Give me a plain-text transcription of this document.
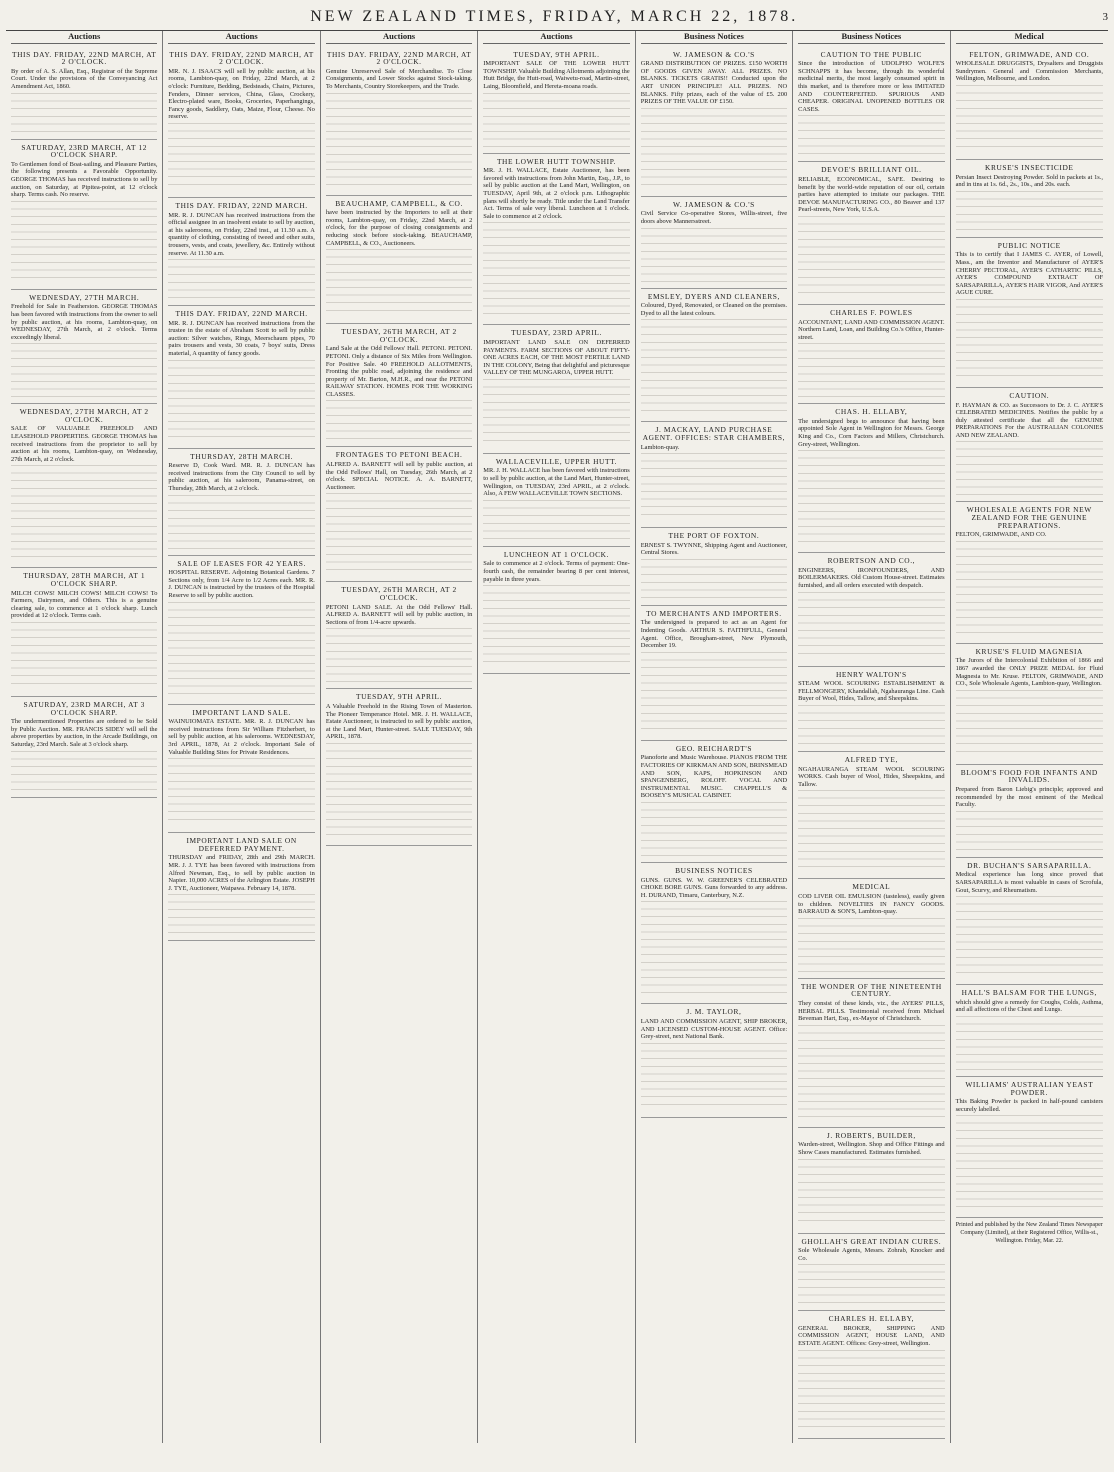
NEW ZEALAND TIMES, FRIDAY, MARCH 22, 1878.	3
Auctions
THIS DAY. FRIDAY, 22ND MARCH, AT 2 O'CLOCK.

By order of A. S. Allan, Esq., Registrar of the Supreme Court. Under the provisions of the Conveyancing Act Amendment Act, 1860.

SATURDAY, 23RD MARCH, AT 12 O'CLOCK SHARP.

To Gentlemen fond of Boat-sailing, and Pleasure Parties, the following presents a Favorable Opportunity. GEORGE THOMAS has received instructions to sell by auction, on Saturday, at Pipitea-point, at 12 o'clock sharp. Terms cash. No reserve.

WEDNESDAY, 27TH MARCH.

Freehold for Sale in Featherston. GEORGE THOMAS has been favored with instructions from the owner to sell by public auction, at his rooms, Lambton-quay, on WEDNESDAY, 27th March, at 2 o'clock. Terms exceedingly liberal.

WEDNESDAY, 27TH MARCH, AT 2 O'CLOCK.

SALE OF VALUABLE FREEHOLD AND LEASEHOLD PROPERTIES. GEORGE THOMAS has received instructions from the proprietor to sell by auction at his rooms, Lambton-quay, on Wednesday, 27th March, at 2 o'clock.

THURSDAY, 28TH MARCH, AT 1 O'CLOCK SHARP.

MILCH COWS! MILCH COWS! MILCH COWS! To Farmers, Dairymen, and Others. This is a genuine clearing sale, to commence at 1 o'clock sharp. Lunch provided at 12 o'clock. Terms cash.

SATURDAY, 23RD MARCH, AT 3 O'CLOCK SHARP.

The undermentioned Properties are ordered to be Sold by Public Auction. MR. FRANCIS SIDEY will sell the above properties by auction, in the Arcade Buildings, on Saturday, 23rd March. Sale at 3 o'clock sharp.

Auctions
THIS DAY. FRIDAY, 22ND MARCH, AT 2 O'CLOCK.

MR. N. J. ISAACS will sell by public auction, at his rooms, Lambton-quay, on Friday, 22nd March, at 2 o'clock: Furniture, Bedding, Bedsteads, Chairs, Pictures, Fenders, Dinner services, China, Glass, Crockery, Electro-plated ware, Books, Groceries, Paperhangings, Fancy goods, Saddlery, Oats, Maize, Flour, Cheese. No reserve.

THIS DAY. FRIDAY, 22ND MARCH.

MR. R. J. DUNCAN has received instructions from the official assignee in an insolvent estate to sell by auction, at his salerooms, on Friday, 22nd inst., at 11.30 a.m. A quantity of clothing, consisting of tweed and other suits, trousers, vests, and coats, jewellery, &c. Entirely without reserve. At 11.30 a.m.

THIS DAY. FRIDAY, 22ND MARCH.

MR. R. J. DUNCAN has received instructions from the trustee in the estate of Abraham Scott to sell by public auction: Silver watches, Rings, Meerschaum pipes, 70 pairs trousers and vests, 30 coats, 7 boys' suits, Dress material, A quantity of fancy goods.

THURSDAY, 28TH MARCH.

Reserve D, Cook Ward. MR. R. J. DUNCAN has received instructions from the City Council to sell by public auction, at his saleroom, Panama-street, on Thursday, 28th March, at 2 o'clock.

SALE OF LEASES FOR 42 YEARS.

HOSPITAL RESERVE. Adjoining Botanical Gardens. 7 Sections only, from 1/4 Acre to 1/2 Acres each. MR. R. J. DUNCAN is instructed by the trustees of the Hospital Reserve to sell by public auction.

IMPORTANT LAND SALE.

WAINUIOMATA ESTATE. MR. R. J. DUNCAN has received instructions from Sir William Fitzherbert, to sell by public auction, at his salerooms. WEDNESDAY, 3rd APRIL, 1878, At 2 o'clock. Important Sale of Valuable Building Sites for Private Residences.

IMPORTANT LAND SALE ON DEFERRED PAYMENT.

THURSDAY and FRIDAY, 28th and 29th MARCH. MR. J. J. TYE has been favored with instructions from Alfred Newman, Esq., to sell by public auction in Napier. 10,000 ACRES of the Arlington Estate. JOSEPH J. TYE, Auctioneer, Waipawa. February 14, 1878.

Auctions
THIS DAY. FRIDAY, 22ND MARCH, AT 2 O'CLOCK.

Genuine Unreserved Sale of Merchandise. To Close Consignments, and Lower Stocks against Stock-taking. To Merchants, Country Storekeepers, and the Trade.

BEAUCHAMP, CAMPBELL, & CO.

have been instructed by the Importers to sell at their rooms, Lambton-quay, on Friday, 22nd March, at 2 o'clock, for the purpose of closing consignments and reducing stock before stock-taking. BEAUCHAMP, CAMPBELL, & CO., Auctioneers.

TUESDAY, 26TH MARCH, AT 2 O'CLOCK.

Land Sale at the Odd Fellows' Hall. PETONI. PETONI. PETONI. Only a distance of Six Miles from Wellington. For Positive Sale. 40 FREEHOLD ALLOTMENTS, Fronting the public road, adjoining the residence and property of Mr. Barton, M.H.R., and near the PETONI RAILWAY STATION. HOMES FOR THE WORKING CLASSES.

FRONTAGES TO PETONI BEACH.

ALFRED A. BARNETT will sell by public auction, at the Odd Fellows' Hall, on Tuesday, 26th March, at 2 o'clock. SPECIAL NOTICE. A. A. BARNETT, Auctioneer.

TUESDAY, 26TH MARCH, AT 2 O'CLOCK.

PETONI LAND SALE. At the Odd Fellows' Hall. ALFRED A. BARNETT will sell by public auction, in Sections of from 1/4-acre upwards.

TUESDAY, 9TH APRIL.

A Valuable Freehold in the Rising Town of Masterton. The Pioneer Temperance Hotel. MR. J. H. WALLACE, Estate Auctioneer, is instructed to sell by public auction, at the Land Mart, Hunter-street. SALE TUESDAY, 9th APRIL, 1878.

Auctions
TUESDAY, 9TH APRIL.

IMPORTANT SALE OF THE LOWER HUTT TOWNSHIP. Valuable Building Allotments adjoining the Hutt Bridge, the Hutt-road, Waiwetu-road, Martin-street, Laing, Bloomfield, and Hereta-moana roads.

THE LOWER HUTT TOWNSHIP.

MR. J. H. WALLACE, Estate Auctioneer, has been favored with instructions from John Martin, Esq., J.P., to sell by public auction at the Land Mart, Wellington, on TUESDAY, April 9th, at 2 o'clock p.m. Lithographic plans will shortly be ready. Title under the Land Transfer Act. Terms of sale very liberal. Luncheon at 1 o'clock. Sale to commence at 2 o'clock.

TUESDAY, 23RD APRIL.

IMPORTANT LAND SALE ON DEFERRED PAYMENTS. FARM SECTIONS OF ABOUT FIFTY-ONE ACRES EACH, OF THE MOST FERTILE LAND IN THE COLONY, Being that delightful and picturesque VALLEY OF THE MUNGAROA, UPPER HUTT.

WALLACEVILLE, UPPER HUTT.

MR. J. H. WALLACE has been favored with instructions to sell by public auction, at the Land Mart, Hunter-street, Wellington, on TUESDAY, 23rd APRIL, at 2 o'clock. Also, A FEW WALLACEVILLE TOWN SECTIONS.

LUNCHEON AT 1 O'CLOCK.

Sale to commence at 2 o'clock. Terms of payment: One-fourth cash, the remainder bearing 8 per cent interest, payable in three years.

Business Notices
W. JAMESON & CO.'S

GRAND DISTRIBUTION OF PRIZES. £150 WORTH OF GOODS GIVEN AWAY. ALL PRIZES. NO BLANKS. TICKETS GRATIS!! Conducted upon the ART UNION PRINCIPLE! ALL PRIZES. NO BLANKS. Fifty prizes, each of the value of £5. 200 PRIZES OF THE VALUE OF £150.

W. JAMESON & CO.'S

Civil Service Co-operative Stores, Willis-street, five doors above Mannersstreet.

EMSLEY, DYERS AND CLEANERS,

Coloured, Dyed, Renovated, or Cleaned on the premises. Dyed to all the latest colours.

J. MACKAY, LAND PURCHASE AGENT. OFFICES: STAR CHAMBERS,

Lambton-quay.

THE PORT OF FOXTON.

ERNEST S. TWYNNE, Shipping Agent and Auctioneer, Central Stores.

TO MERCHANTS AND IMPORTERS.

The undersigned is prepared to act as an Agent for Indenting Goods. ARTHUR S. FAITHFULL, General Agent. Office, Brougham-street, New Plymouth, December 19.

GEO. REICHARDT'S

Pianoforte and Music Warehouse. PIANOS FROM THE FACTORIES OF KIRKMAN AND SON, BRINSMEAD AND SON, KAPS, HOPKINSON AND SPANGENBERG, ROLOFF. VOCAL AND INSTRUMENTAL MUSIC. CHAPPELL'S & BOOSEY'S MUSICAL CABINET.

BUSINESS NOTICES

GUNS. GUNS. W. W. GREENER'S CELEBRATED CHOKE BORE GUNS. Guns forwarded to any address. H. DURAND, Timaru, Canterbury, N.Z.

J. M. TAYLOR,

LAND AND COMMISSION AGENT, SHIP BROKER, AND LICENSED CUSTOM-HOUSE AGENT. Office: Grey-street, next National Bank.

Business Notices
CAUTION TO THE PUBLIC

Since the introduction of UDOLPHO WOLFE'S SCHNAPPS it has become, through its wonderful medicinal merits, the most largely consumed spirit in this market, and is therefore more or less IMITATED AND COUNTERFEITED. SPURIOUS AND CHEAPER. ORIGINAL UNOPENED BOTTLES OR CASES.

DEVOE'S BRILLIANT OIL.

RELIABLE, ECONOMICAL, SAFE. Desiring to benefit by the world-wide reputation of our oil, certain parties have attempted to imitate our packages. THE DEVOE MANUFACTURING CO., 80 Beaver and 137 Pearl-streets, New York, U.S.A.

CHARLES F. POWLES

ACCOUNTANT, LAND AND COMMISSION AGENT. Northern Land, Loan, and Building Co.'s Office, Hunter-street.

CHAS. H. ELLABY,

The undersigned begs to announce that having been appointed Sole Agent in Wellington for Messrs. George King and Co., Corn Factors and Millers, Christchurch. Grey-street, Wellington.

ROBERTSON AND CO.,

ENGINEERS, IRONFOUNDERS, AND BOILERMAKERS. Old Custom House-street. Estimates furnished, and all orders executed with despatch.

HENRY WALTON'S

STEAM WOOL SCOURING ESTABLISHMENT & FELLMONGERY, Khandallah, Ngahauranga Line. Cash Buyer of Wool, Hides, Tallow, and Sheepskins.

ALFRED TYE,

NGAHAURANGA STEAM WOOL SCOURING WORKS. Cash buyer of Wool, Hides, Sheepskins, and Tallow.

MEDICAL

COD LIVER OIL EMULSION (tasteless), easily given to children. NOVELTIES IN FANCY GOODS. BARRAUD & SON'S, Lambton-quay.

THE WONDER OF THE NINETEENTH CENTURY.

They consist of these kinds, viz., the AYERS' PILLS, HERBAL PILLS. Testimonial received from Michael Beveman Hart, Esq., ex-Mayor of Christchurch.

J. ROBERTS, BUILDER,

Warden-street, Wellington. Shop and Office Fittings and Show Cases manufactured. Estimates furnished.

GHOLLAH'S GREAT INDIAN CURES.

Sole Wholesale Agents, Messrs. Zohrab, Knocker and Co.

CHARLES H. ELLABY,

GENERAL BROKER, SHIPPING AND COMMISSION AGENT, HOUSE LAND, AND ESTATE AGENT. Offices: Grey-street, Wellington.

Medical
FELTON, GRIMWADE, AND CO.

WHOLESALE DRUGGISTS, Drysalters and Druggists Sundrymen. General and Commission Merchants, Wellington, Melbourne, and London.

KRUSE'S INSECTICIDE

Persian Insect Destroying Powder. Sold in packets at 1s., and in tins at 1s. 6d., 2s., 10s., and 20s. each.

PUBLIC NOTICE

This is to certify that I JAMES C. AYER, of Lowell, Mass., am the Inventor and Manufacturer of AYER'S CHERRY PECTORAL, AYER'S CATHARTIC PILLS, AYER'S COMPOUND EXTRACT OF SARSAPARILLA, AYER'S HAIR VIGOR, And AYER'S AGUE CURE.

CAUTION.

F. HAYMAN & CO. as Successors to Dr. J. C. AYER'S CELEBRATED MEDICINES. Notifies the public by a duly attested certificate that all the GENUINE PREPARATIONS For the AUSTRALIAN COLONIES AND NEW ZEALAND.

WHOLESALE AGENTS FOR NEW ZEALAND FOR THE GENUINE PREPARATIONS.

FELTON, GRIMWADE, AND CO.

KRUSE'S FLUID MAGNESIA

The Jurors of the Intercolonial Exhibition of 1866 and 1867 awarded the ONLY PRIZE MEDAL for Fluid Magnesia to Mr. Kruse. FELTON, GRIMWADE, AND CO., Sole Wholesale Agents, Lambton-quay, Wellington.

BLOOM'S FOOD FOR INFANTS AND INVALIDS.

Prepared from Baron Liebig's principle; approved and recommended by the most eminent of the Medical Faculty.

DR. BUCHAN'S SARSAPARILLA.

Medical experience has long since proved that SARSAPARILLA is most valuable in cases of Scrofula, Gout, Scurvy, and Rheumatism.

HALL'S BALSAM FOR THE LUNGS,

which should give a remedy for Coughs, Colds, Asthma, and all affections of the Chest and Lungs.

WILLIAMS' AUSTRALIAN YEAST POWDER.

This Baking Powder is packed in half-pound canisters securely labelled.

Printed and published by the New Zealand Times Newspaper Company (Limited), at their Registered Office, Willis-st., Wellington. Friday, Mar. 22.
